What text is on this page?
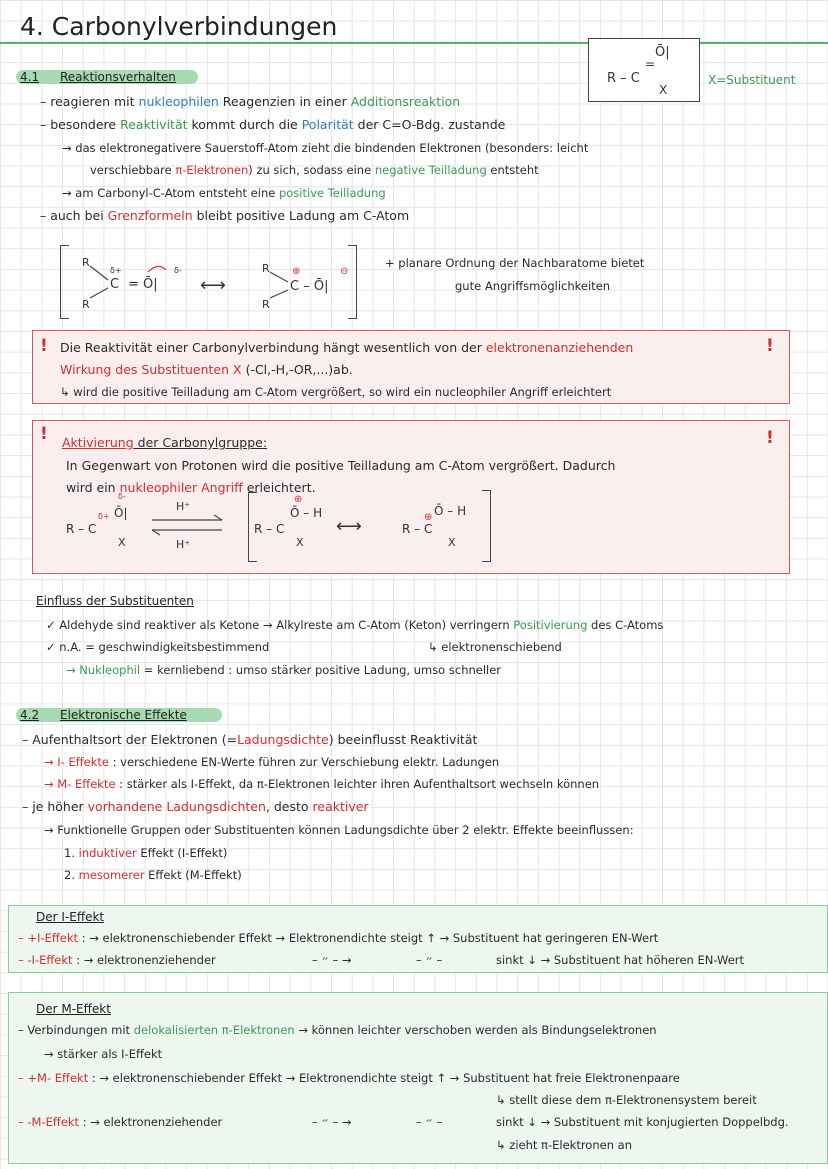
4. Carbonylverbindungen
4.1 Reaktionsverhalten
Ō|
=
R – C
X
X=Substituent
– reagieren mit nukleophilen Reagenzien in einer Additionsreaktion
– besondere Reaktivität kommt durch die Polarität der C=O-Bdg. zustande
→ das elektronegativere Sauerstoff-Atom zieht die bindenden Elektronen (besonders: leicht
verschiebbare π-Elektronen) zu sich, sodass eine negative Teilladung entsteht
→ am Carbonyl-C-Atom entsteht eine positive Teilladung
– auch bei Grenzformeln bleibt positive Ladung am C-Atom
R
R
δ+
C
δ-
= Ō| ⟷
R
R
⊕
C – Ō|
⊖
+ planare Ordnung der Nachbaratome bietet
gute Angriffsmöglichkeiten
!	!
Die Reaktivität einer Carbonylverbindung hängt wesentlich von der elektronenanziehenden
Wirkung des Substituenten X (-Cl,-H,-OR,...)ab.
↳ wird die positive Teilladung am C-Atom vergrößert, so wird ein nucleophiler Angriff erleichtert
!	!
Aktivierung der Carbonylgruppe:
In Gegenwart von Protonen wird die positive Teilladung am C-Atom vergrößert. Dadurch
wird ein nukleophiler Angriff erleichtert.
δ-
Ō|
δ+
R – C
X
H⁺
H⁺
⊕
Ō – H
R – C
X
⟷
Ō – H
R – C
⊕
X
Einfluss der Substituenten
✓ Aldehyde sind reaktiver als Ketone → Alkylreste am C-Atom (Keton) verringern Positivierung des C-Atoms
✓ n.A. = geschwindigkeitsbestimmend	↳ elektronenschiebend
→ Nukleophil = kernliebend : umso stärker positive Ladung, umso schneller
4.2 Elektronische Effekte
– Aufenthaltsort der Elektronen (=Ladungsdichte) beeinflusst Reaktivität
→ I- Effekte : verschiedene EN-Werte führen zur Verschiebung elektr. Ladungen
→ M- Effekte : stärker als I-Effekt, da π-Elektronen leichter ihren Aufenthaltsort wechseln können
– je höher vorhandene Ladungsdichten, desto reaktiver
→ Funktionelle Gruppen oder Substituenten können Ladungsdichte über 2 elektr. Effekte beeinflussen:
1. induktiver Effekt (I-Effekt)
2. mesomerer Effekt (M-Effekt)
Der I-Effekt
– +I-Effekt : → elektronenschiebender Effekt → Elektronendichte steigt ↑ → Substituent hat geringeren EN-Wert
– -I-Effekt : → elektronenziehender	– ״ – →	– ״ –	sinkt ↓ → Substituent hat höheren EN-Wert
Der M-Effekt
– Verbindungen mit delokalisierten π-Elektronen → können leichter verschoben werden als Bindungselektronen
→ stärker als I-Effekt
– +M- Effekt : → elektronenschiebender Effekt → Elektronendichte steigt ↑ → Substituent hat freie Elektronenpaare
↳ stellt diese dem π-Elektronensystem bereit
– -M-Effekt : → elektronenziehender	– ״ – →	– ״ –	sinkt ↓ → Substituent mit konjugierten Doppelbdg.
↳ zieht π-Elektronen an
